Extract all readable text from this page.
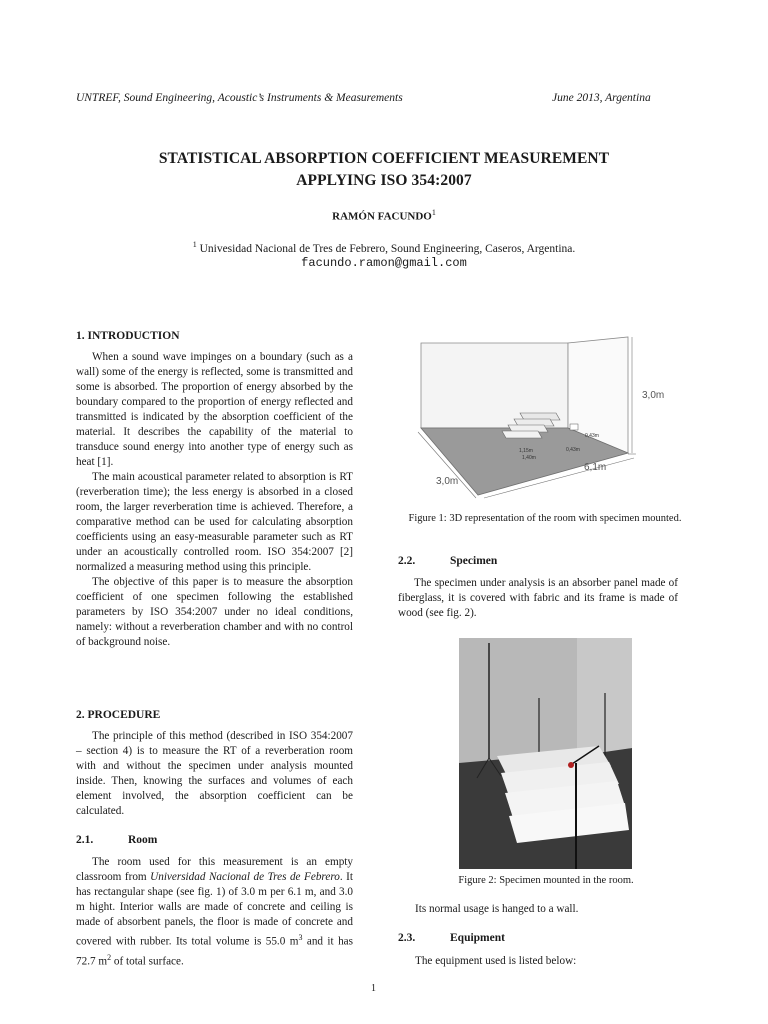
UNTREF, Sound Engineering, Acoustic’s Instruments & Measurements	June 2013, Argentina
STATISTICAL ABSORPTION COEFFICIENT MEASUREMENT
APPLYING ISO 354:2007
RAMÓN FACUNDO$^1$
$^1$ Univesidad Nacional de Tres de Febrero, Sound Engineering, Caseros, Argentina.
facundo.ramon@gmail.com
1. INTRODUCTION

When a sound wave impinges on a boundary (such as a wall) some of the energy is reflected, some is transmitted and some is absorbed. The proportion of energy absorbed by the boundary compared to the proportion of energy reflected and transmitted is indicated by the absorption coefficient of the material. It describes the capability of the material to transduce sound energy into another type of energy such as heat [1].

The main acoustical parameter related to absorption is RT (reverberation time); the less energy is absorbed in a closed room, the larger reverberation time is achieved. Therefore, a comparative method can be used for calculating absorption coefficients using an easy-measurable parameter such as RT under an acoustically controlled room. ISO 354:2007 [2] normalized a measuring method using this principle.

The objective of this paper is to measure the absorption coefficient of one specimen following the established parameters by ISO 354:2007 under no ideal conditions, namely: without a reverberation chamber and with no control of background noise.

2. PROCEDURE

The principle of this method (described in ISO 354:2007 – section 4) is to measure the RT of a reverberation room with and without the specimen under analysis mounted inside. Then, knowing the surfaces and volumes of each element involved, the absorption coefficient can be calculated.

2.1.	Room

The room used for this measurement is an empty classroom from Universidad Nacional de Tres de Febrero. It has rectangular shape (see fig. 1) of 3.0 m per 6.1 m, and 3.0 m hight. Interior walls are made of concrete and ceiling is made of absorbent panels, the floor is made of concrete and covered with rubber. Its total volume is 55.0 $m^3$ and it has 72.7 $m^2$ of total surface.

3,0m
6,1m
3,0m
1,15m
1,40m
0,43m
0,43m
Figure 1: 3D representation of the room with specimen mounted.
2.2.	Specimen

The specimen under analysis is an absorber panel made of fiberglass, it is covered with fabric and its frame is made of wood (see fig. 2).

Figure 2: Specimen mounted in the room.
Its normal usage is hanged to a wall.
2.3.	Equipment
The equipment used is listed below:
1
